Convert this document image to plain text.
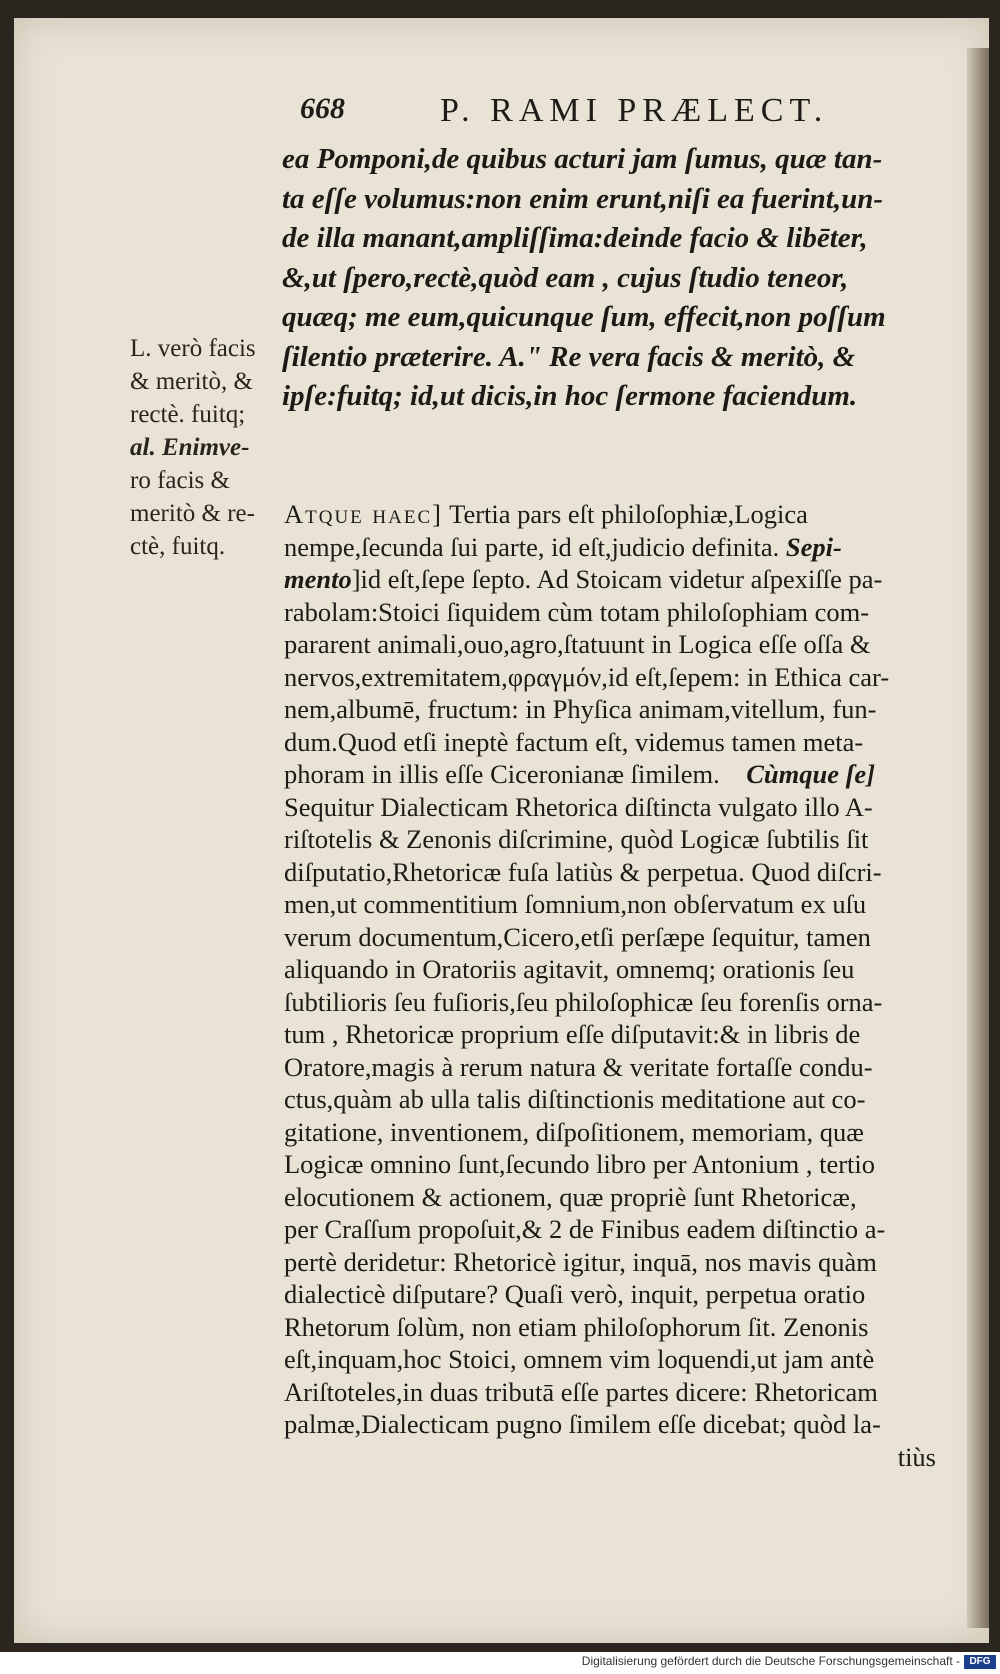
668	P. RAMI PRÆLECT.
ea Pomponi,de quibus acturi jam ſumus, quæ tan-
ta eſſe volumus:non enim erunt,niſi ea fuerint,un-
de illa manant,ampliſſima:deinde facio & libēter,
&,ut ſpero,rectè,quòd eam , cujus ſtudio teneor,
quæq; me eum,quicunque ſum, effecit,non poſſum
ſilentio præterire. A." Re vera facis & meritò, &
ipſe:fuitq; id,ut dicis,in hoc ſermone faciendum.
L. verò facis
& meritò, &
rectè. fuitq;
al. Enimve-
ro facis &
meritò & re-
ctè, fuitq.
Atque haec] Tertia pars eſt philoſophiæ,Logica
nempe,ſecunda ſui parte, id eſt,judicio definita. Sepi-
mento]id eſt,ſepe ſepto. Ad Stoicam videtur aſpexiſſe pa-
rabolam:Stoici ſiquidem cùm totam philoſophiam com-
pararent animali,ouo,agro,ſtatuunt in Logica eſſe oſſa &
nervos,extremitatem,φραγμόν,id eſt,ſepem: in Ethica car-
nem,albumē, fructum: in Phyſica animam,vitellum, fun-
dum.Quod etſi ineptè factum eſt, videmus tamen meta-
phoram in illis eſſe Ciceronianæ ſimilem. Cùmque ſe]
Sequitur Dialecticam Rhetorica diſtincta vulgato illo A-
riſtotelis & Zenonis diſcrimine, quòd Logicæ ſubtilis ſit
diſputatio,Rhetoricæ fuſa latiùs & perpetua. Quod diſcri-
men,ut commentitium ſomnium,non obſervatum ex uſu
verum documentum,Cicero,etſi perſæpe ſequitur, tamen
aliquando in Oratoriis agitavit, omnemq; orationis ſeu
ſubtilioris ſeu fuſioris,ſeu philoſophicæ ſeu forenſis orna-
tum , Rhetoricæ proprium eſſe diſputavit:& in libris de
Oratore,magis à rerum natura & veritate fortaſſe condu-
ctus,quàm ab ulla talis diſtinctionis meditatione aut co-
gitatione, inventionem, diſpoſitionem, memoriam, quæ
Logicæ omnino ſunt,ſecundo libro per Antonium , tertio
elocutionem & actionem, quæ propriè ſunt Rhetoricæ,
per Craſſum propoſuit,& 2 de Finibus eadem diſtinctio a-
pertè deridetur: Rhetoricè igitur, inquā, nos mavis quàm
dialecticè diſputare? Quaſi verò, inquit, perpetua oratio
Rhetorum ſolùm, non etiam philoſophorum ſit. Zenonis
eſt,inquam,hoc Stoici, omnem vim loquendi,ut jam antè
Ariſtoteles,in duas tributā eſſe partes dicere: Rhetoricam
palmæ,Dialecticam pugno ſimilem eſſe dicebat; quòd la-
tiùs
Digitalisierung gefördert durch die Deutsche Forschungsgemeinschaft - DFG
